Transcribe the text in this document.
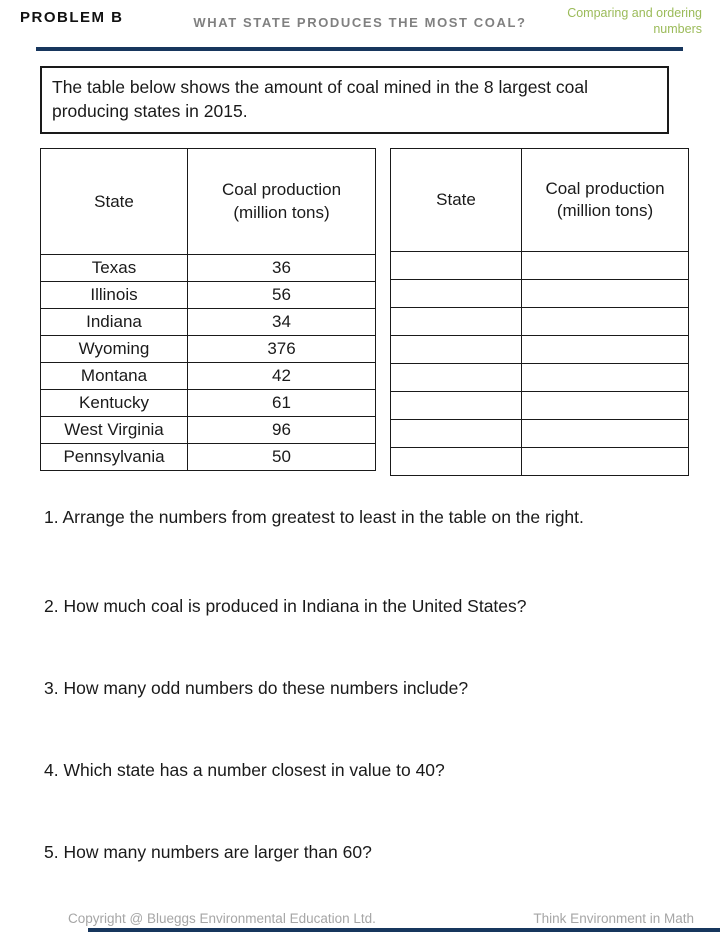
PROBLEM B	WHAT STATE PRODUCES THE MOST COAL?
Comparing and ordering numbers
The table below shows the amount of coal mined in the 8 largest coal producing states in 2015.
State	Coal production
(million tons)

Texas	36
Illinois	56
Indiana	34
Wyoming	376
Montana	42
Kentucky	61
West Virginia	96
Pennsylvania	50
State	Coal production
(million tons)

1. Arrange the numbers from greatest to least in the table on the right.
2. How much coal is produced in Indiana in the United States?
3. How many odd numbers do these numbers include?
4. Which state has a number closest in value to 40?
5. How many numbers are larger than 60?
Copyright @ Blueggs Environmental Education Ltd.	Think Environment in Math
